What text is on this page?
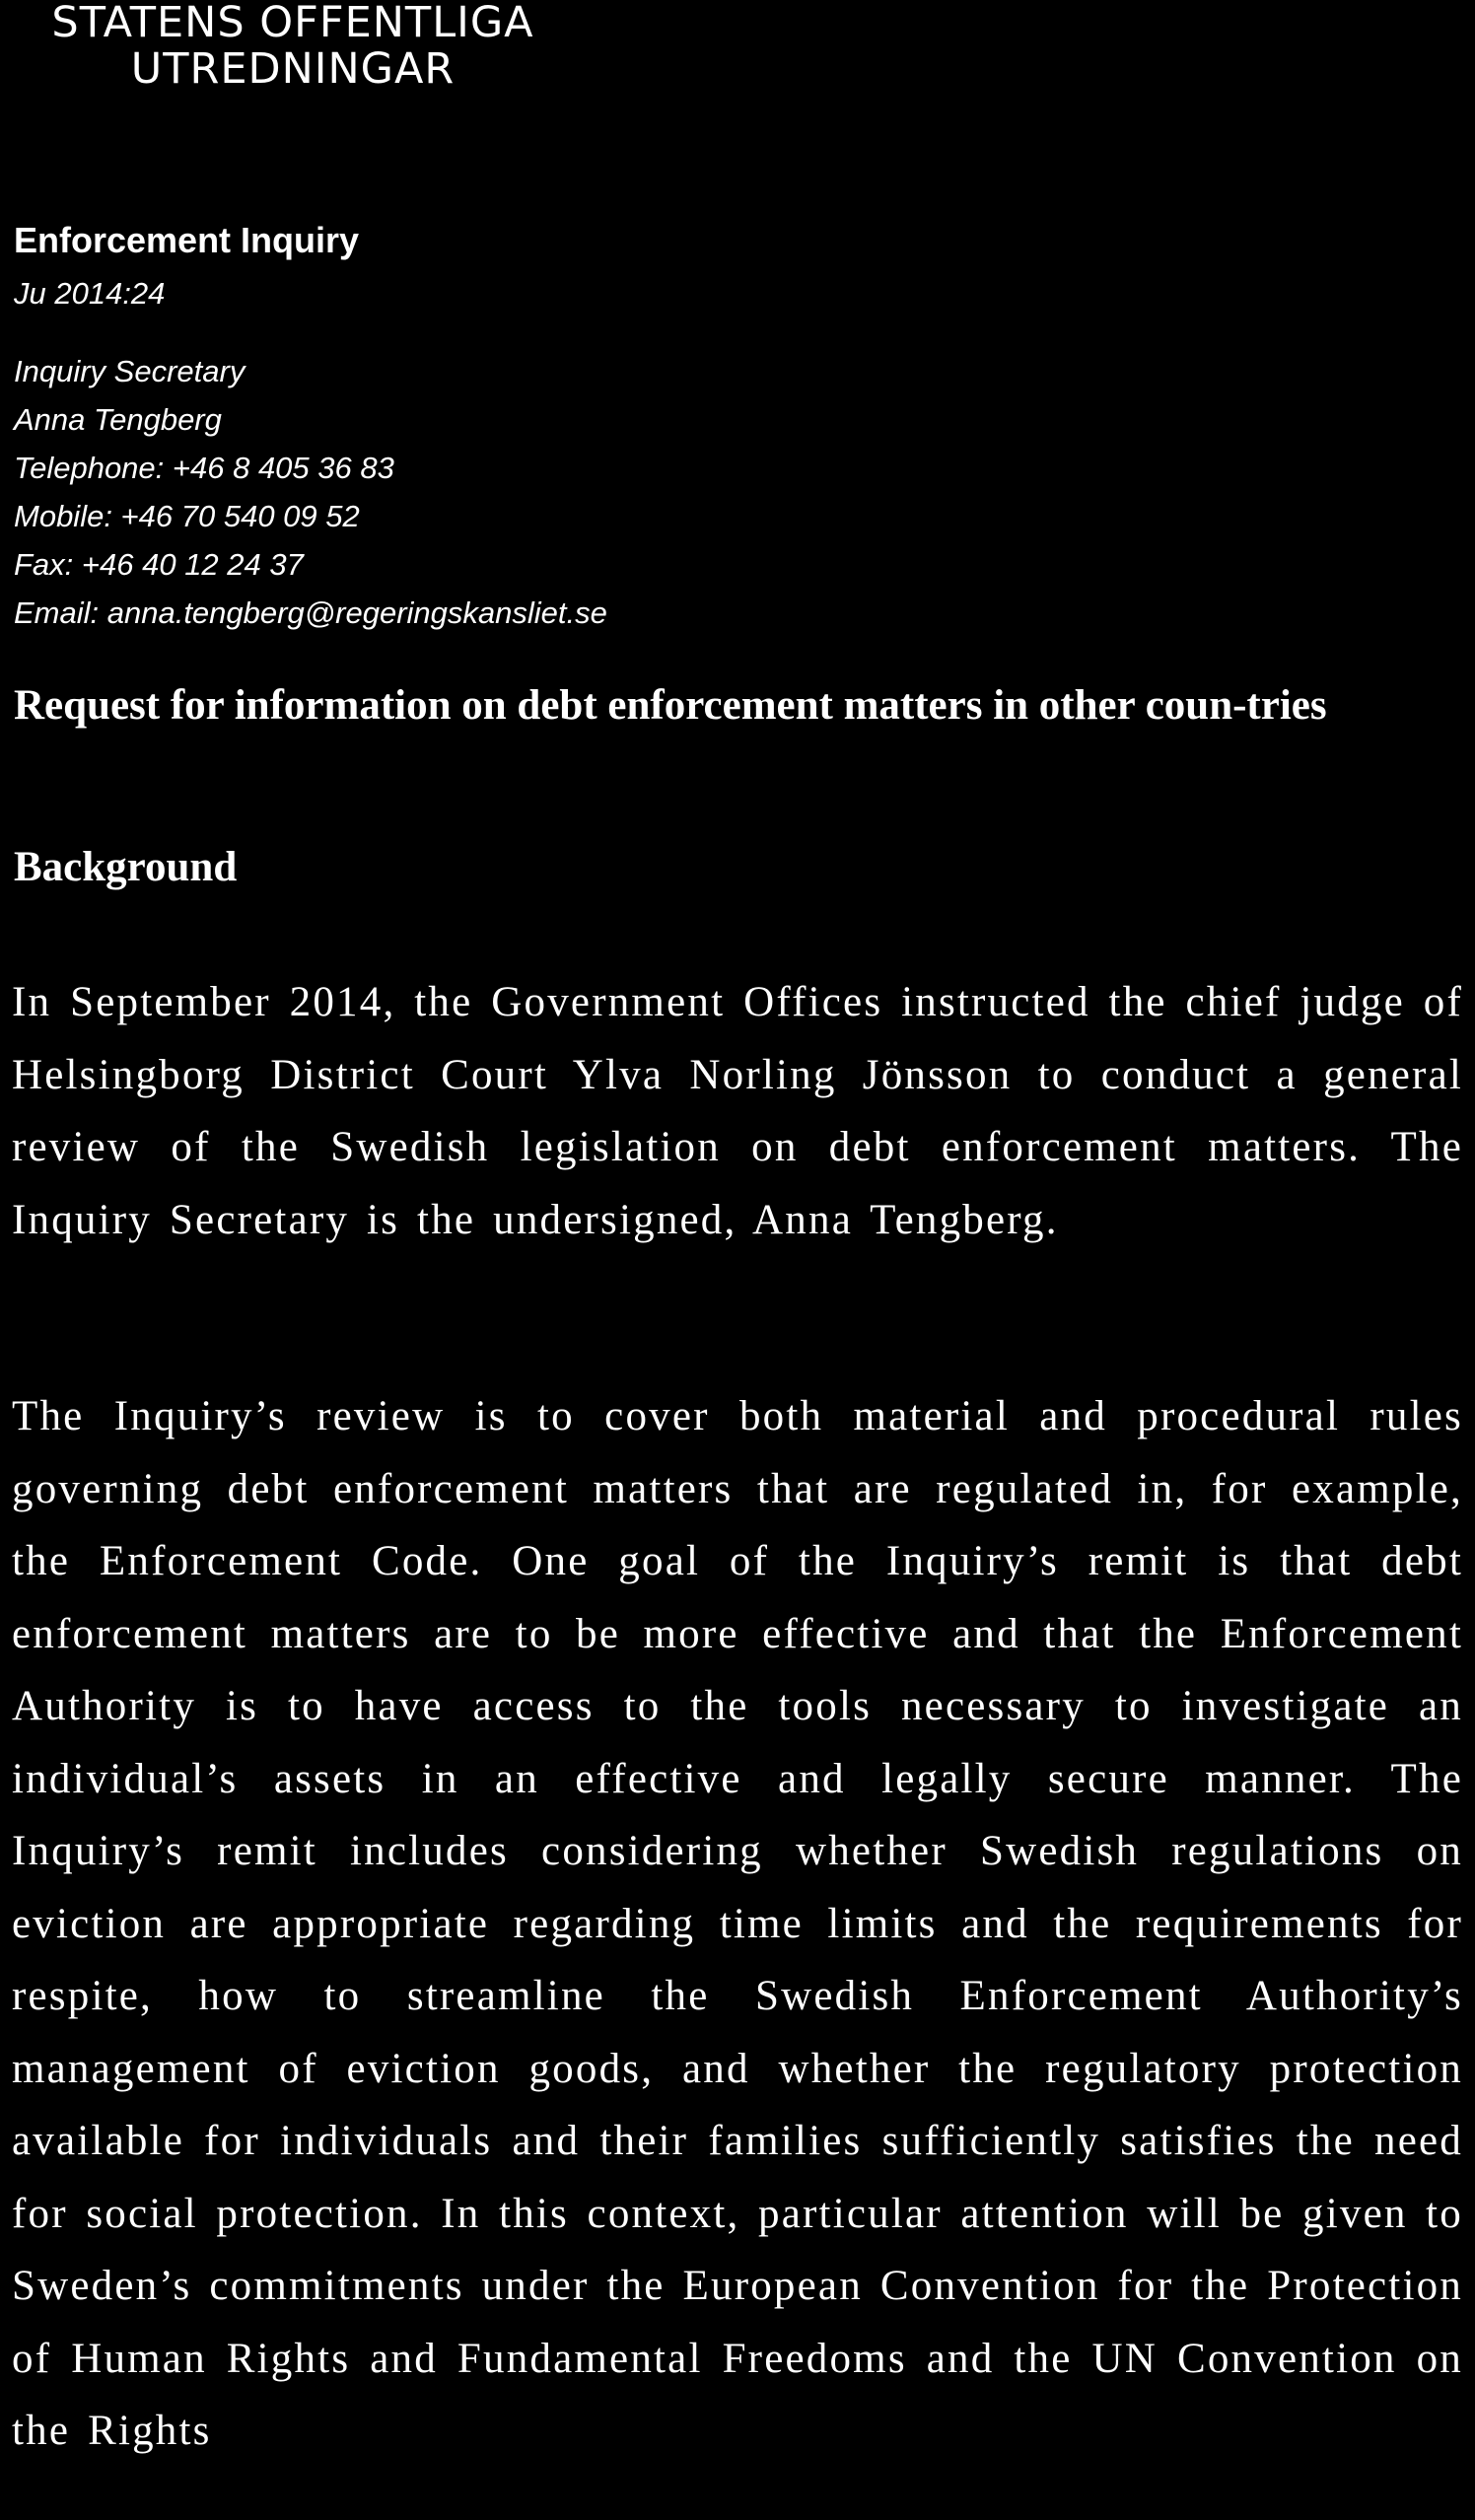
STATENS OFFENTLIGA
UTREDNINGAR
Enforcement Inquiry
Ju 2014:24
Inquiry Secretary
Anna Tengberg
Telephone: +46 8 405 36 83
Mobile: +46 70 540 09 52
Fax: +46 40 12 24 37
Email: anna.tengberg@regeringskansliet.se
Request for information on debt enforcement matters in other coun-tries
Background

In September 2014, the Government Offices instructed the chief judge of Helsingborg District Court Ylva Norling Jönsson to conduct a general review of the Swedish legislation on debt enforcement matters. The Inquiry Secretary is the undersigned, Anna Tengberg.

The Inquiry’s review is to cover both material and procedural rules governing debt enforcement matters that are regulated in, for example, the Enforcement Code. One goal of the Inquiry’s remit is that debt enforcement matters are to be more effective and that the Enforcement Authority is to have access to the tools necessary to investigate an individual’s assets in an effective and legally secure manner. The Inquiry’s remit includes considering whether Swedish regulations on eviction are appropriate regarding time limits and the requirements for respite, how to streamline the Swedish Enforcement Authority’s management of eviction goods, and whether the regulatory protection available for individuals and their families sufficiently satisfies the need for social protection. In this context, particular attention will be given to Sweden’s commitments under the European Convention for the Protection of Human Rights and Fundamental Freedoms and the UN Convention on the Rights
